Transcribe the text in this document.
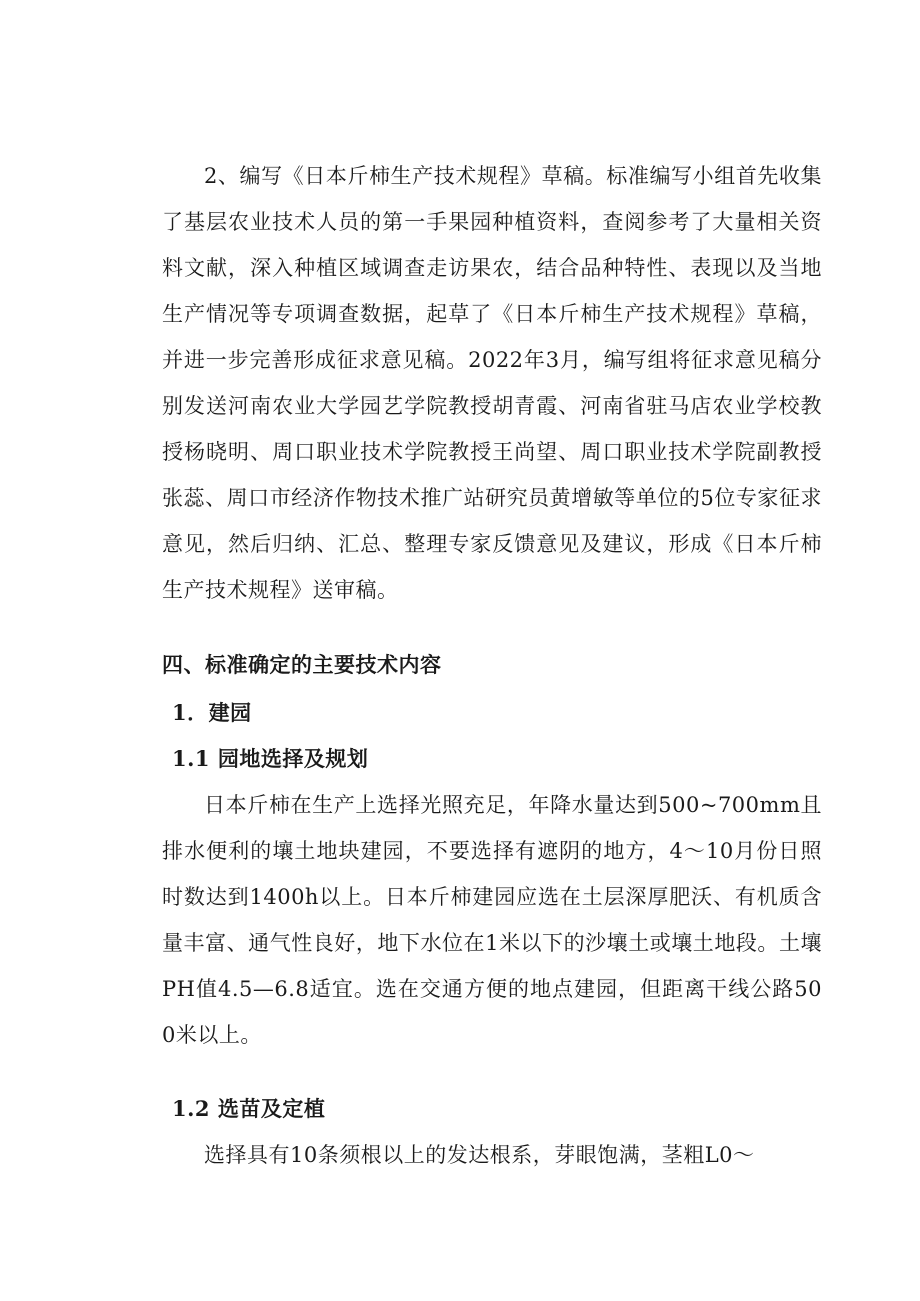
2、编写《日本斤柿生产技术规程》草稿。标准编写小组首先收集了基层农业技术人员的第一手果园种植资料，查阅参考了大量相关资料文献，深入种植区域调查走访果农，结合品种特性、表现以及当地生产情况等专项调查数据，起草了《日本斤柿生产技术规程》草稿，并进一步完善形成征求意见稿。2022年3月，编写组将征求意见稿分别发送河南农业大学园艺学院教授胡青霞、河南省驻马店农业学校教授杨晓明、周口职业技术学院教授王尚望、周口职业技术学院副教授张蕊、周口市经济作物技术推广站研究员黄增敏等单位的5位专家征求意见，然后归纳、汇总、整理专家反馈意见及建议，形成《日本斤柿生产技术规程》送审稿。

四、标准确定的主要技术内容
1．建园
1.1 园地选择及规划

日本斤柿在生产上选择光照充足，年降水量达到500~700mm且排水便利的壤土地块建园，不要选择有遮阴的地方，4～10月份日照时数达到1400h以上。日本斤柿建园应选在土层深厚肥沃、有机质含量丰富、通气性良好，地下水位在1米以下的沙壤土或壤土地段。土壤PH值4.5—6.8适宜。选在交通方便的地点建园，但距离干线公路500米以上。

1.2 选苗及定植

选择具有10条须根以上的发达根系，芽眼饱满，茎粗L0～
